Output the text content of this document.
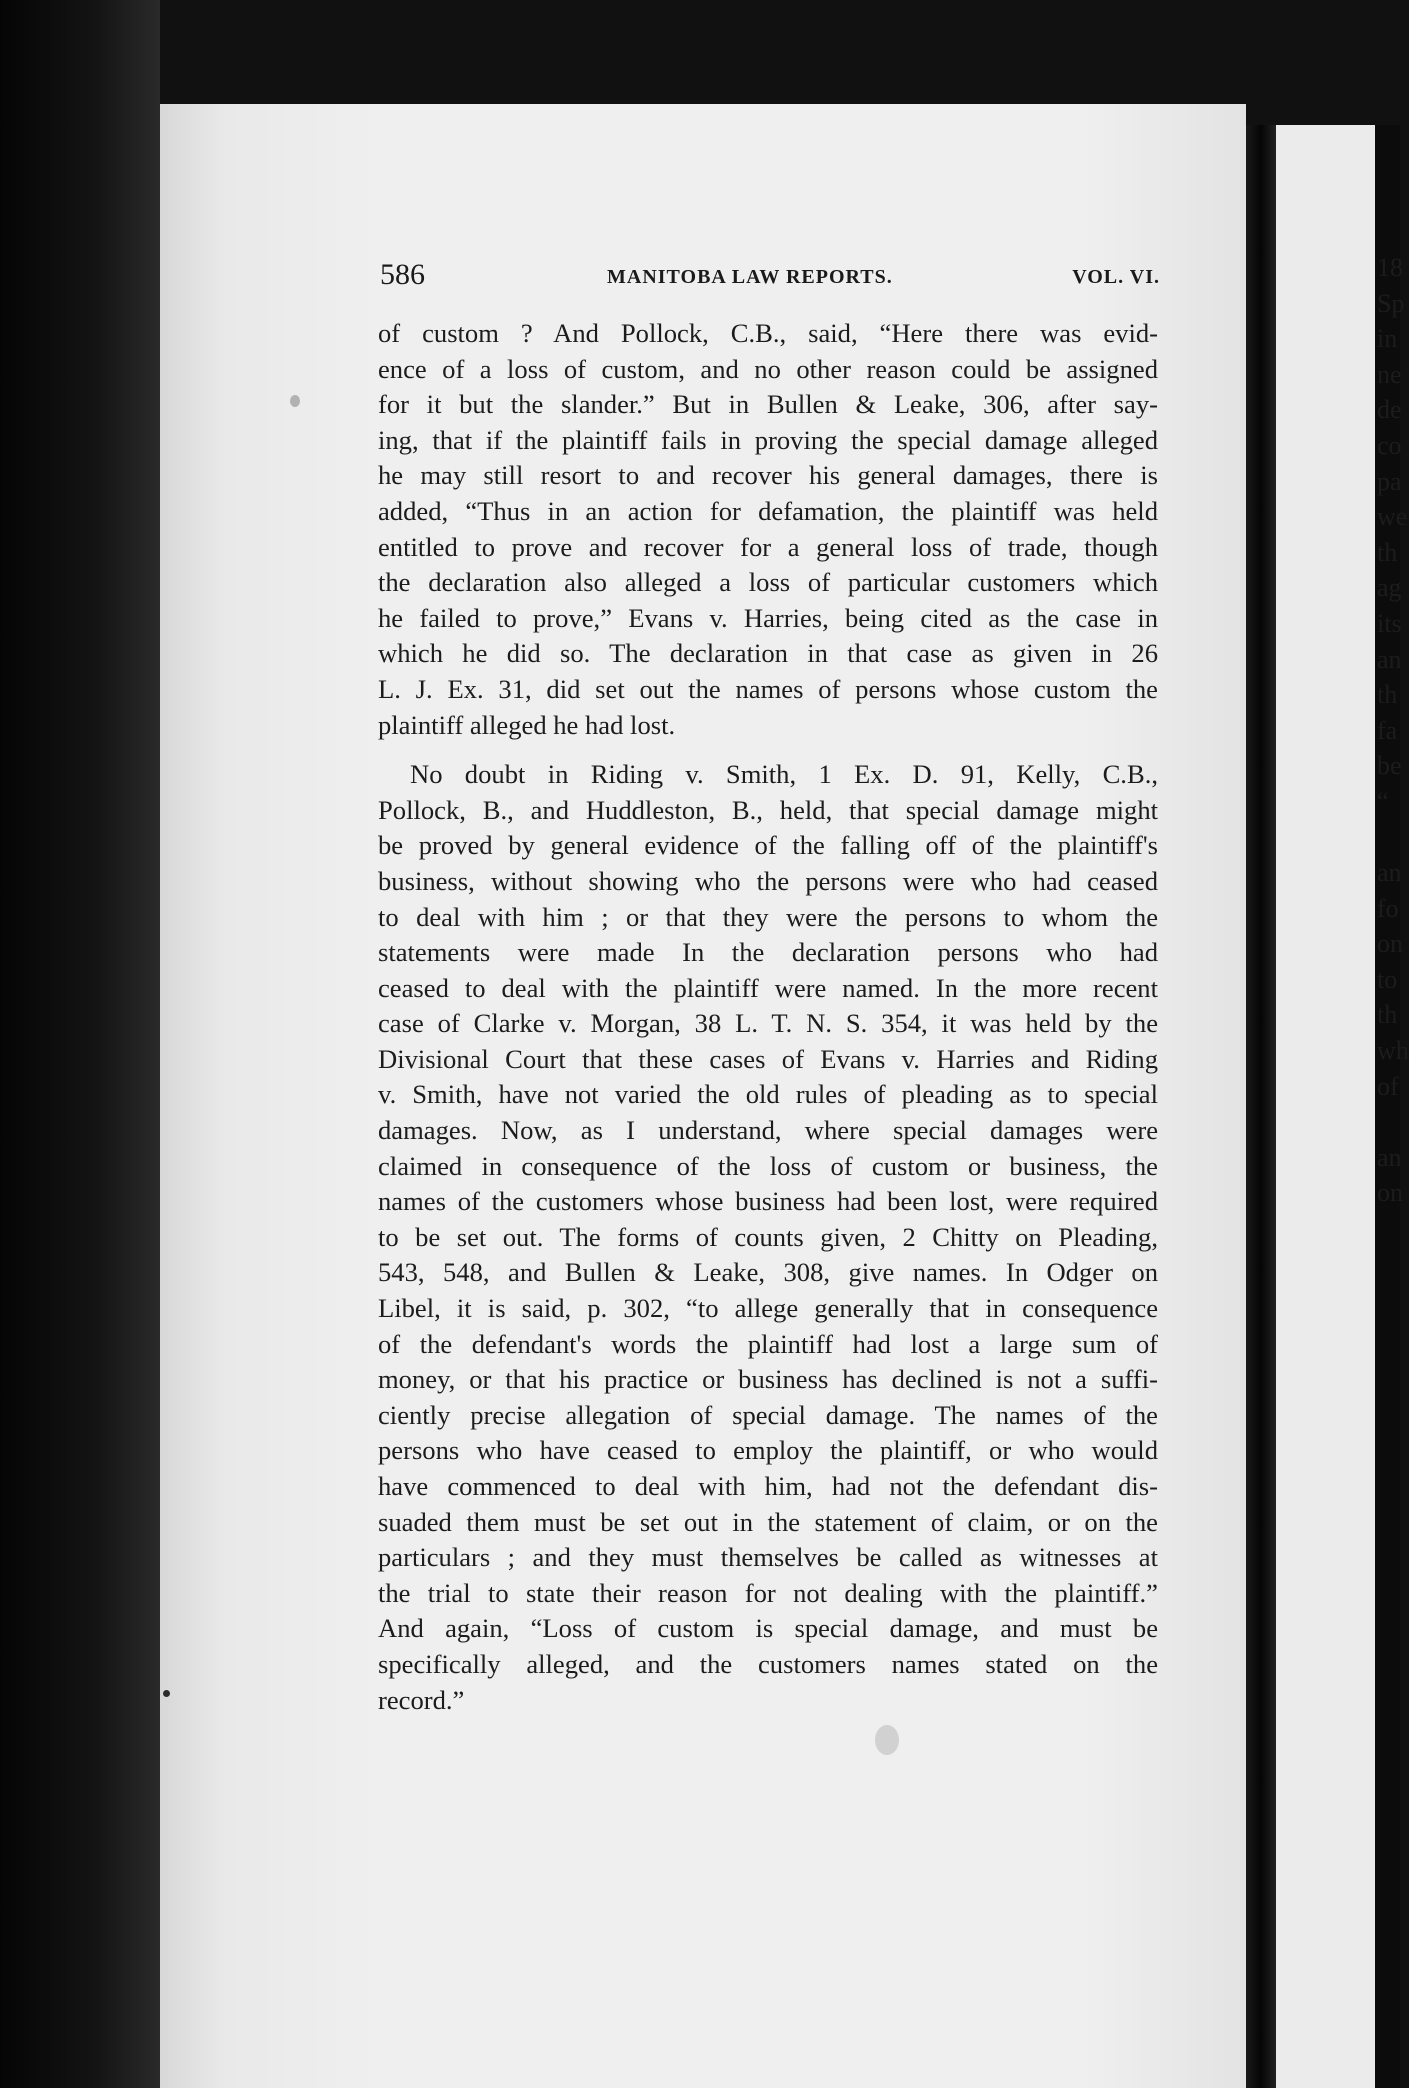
586	MANITOBA LAW REPORTS.	VOL. VI.
of custom ? And Pollock, C.B., said, “Here there was evid-
ence of a loss of custom, and no other reason could be assigned
for it but the slander.” But in Bullen & Leake, 306, after say-
ing, that if the plaintiff fails in proving the special damage alleged
he may still resort to and recover his general damages, there is
added, “Thus in an action for defamation, the plaintiff was held
entitled to prove and recover for a general loss of trade, though
the declaration also alleged a loss of particular customers which
he failed to prove,” Evans v. Harries, being cited as the case in
which he did so. The declaration in that case as given in 26
L. J. Ex. 31, did set out the names of persons whose custom the
plaintiff alleged he had lost.
No doubt in Riding v. Smith, 1 Ex. D. 91, Kelly, C.B.,
Pollock, B., and Huddleston, B., held, that special damage might
be proved by general evidence of the falling off of the plaintiff's
business, without showing who the persons were who had ceased
to deal with him ; or that they were the persons to whom the
statements were made In the declaration persons who had
ceased to deal with the plaintiff were named. In the more recent
case of Clarke v. Morgan, 38 L. T. N. S. 354, it was held by the
Divisional Court that these cases of Evans v. Harries and Riding
v. Smith, have not varied the old rules of pleading as to special
damages. Now, as I understand, where special damages were
claimed in consequence of the loss of custom or business, the
names of the customers whose business had been lost, were required
to be set out. The forms of counts given, 2 Chitty on Pleading,
543, 548, and Bullen & Leake, 308, give names. In Odger on
Libel, it is said, p. 302, “to allege generally that in consequence
of the defendant's words the plaintiff had lost a large sum of
money, or that his practice or business has declined is not a suffi-
ciently precise allegation of special damage. The names of the
persons who have ceased to employ the plaintiff, or who would
have commenced to deal with him, had not the defendant dis-
suaded them must be set out in the statement of claim, or on the
particulars ; and they must themselves be called as witnesses at
the trial to state their reason for not dealing with the plaintiff.”
And again, “Loss of custom is special damage, and must be
specifically alleged, and the customers names stated on the
record.”
18
Sp
in
ne
de
co
pa
we
th
ag
its
an
th
fa
be
“
an
fo
on
to
th
wh
of
an
on
